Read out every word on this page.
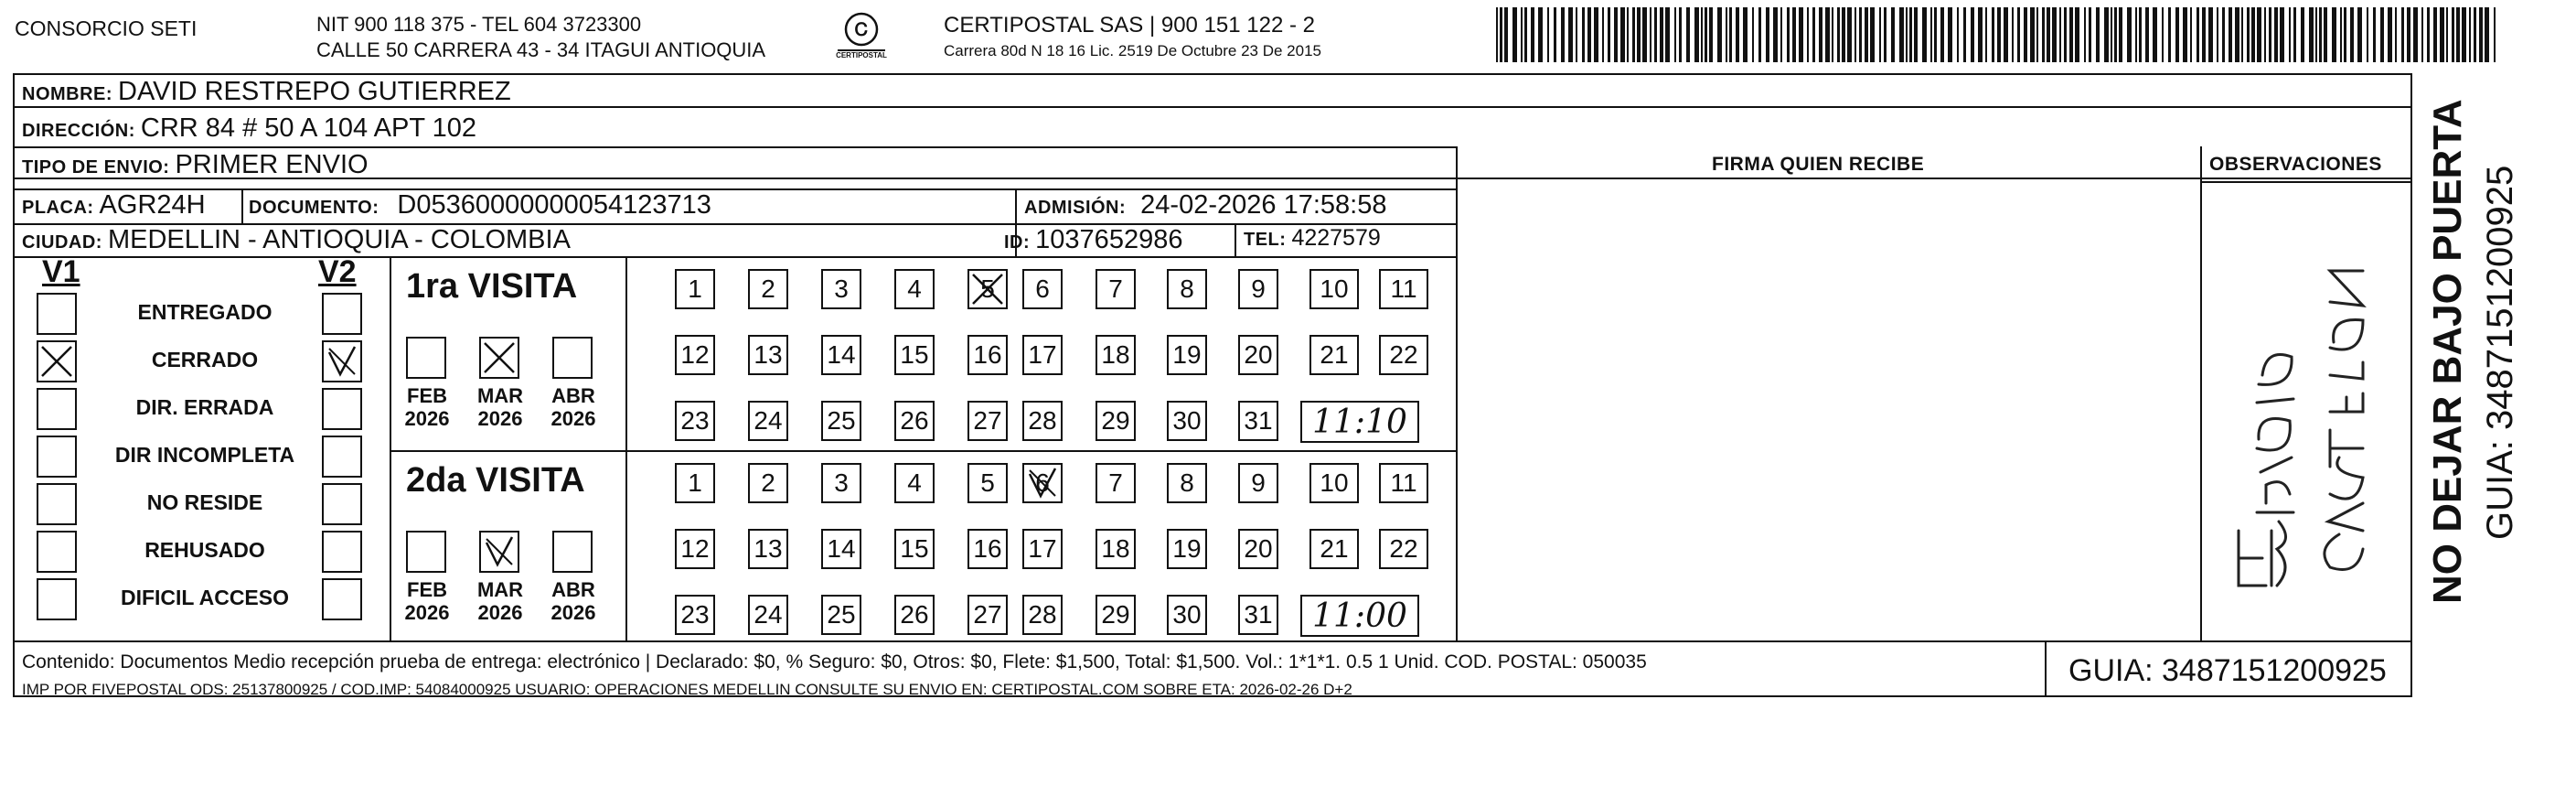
CONSORCIO SETI	NIT 900 118 375 - TEL 604 3723300
CALLE 50 CARRERA 43 - 34 ITAGUI ANTIOQUIA
Ꮯ
CERTIPOSTAL
CERTIPOSTAL SAS | 900 151 122 - 2
Carrera 80d N 18 16 Lic. 2519 De Octubre 23 De 2015
NOMBRE: DAVID RESTREPO GUTIERREZ
DIRECCIÓN: CRR 84 # 50 A 104 APT 102
TIPO DE ENVIO: PRIMER ENVIO	FIRMA QUIEN RECIBE	OBSERVACIONES
PLACA: AGR24H DOCUMENTO: D05360000000054123713	ADMISIÓN: 24-02-2026 17:58:58
CIUDAD: MEDELLIN - ANTIOQUIA - COLOMBIA	ID: 1037652986	TEL: 4227579
V1	V2
ENTREGADO
CERRADO
DIR. ERRADA
DIR INCOMPLETA
NO RESIDE
REHUSADO
DIFICIL ACCESO
1ra VISITA
FEB
2026
MAR
2026
ABR
2026
1	2	3	4	5	6	7	8	9	10	11
12 13 14 15 16 17 18 19 20	21	22
23 24 25 26 27 28 29 30 31	11:10
2da VISITA
FEB
2026
MAR
2026
ABR
2026
1	2	3	4	5	6	7	8	9	10	11
12 13 14 15 16 17 18 19 20	21	22
23 24 25 26 27 28 29 30 31	11:00
NO DEJAR BAJO PUERTA GUIA: 3487151200925
Contenido: Documentos Medio recepción prueba de entrega: electrónico | Declarado: $0, % Seguro: $0, Otros: $0, Flete: $1,500, Total: $1,500. Vol.: 1*1*1. 0.5 1 Unid. COD. POSTAL: 050035
IMP POR FIVEPOSTAL ODS: 25137800925 / COD.IMP: 54084000925 USUARIO: OPERACIONES MEDELLIN CONSULTE SU ENVIO EN: CERTIPOSTAL.COM SOBRE ETA: 2026-02-26 D+2
GUIA: 3487151200925
